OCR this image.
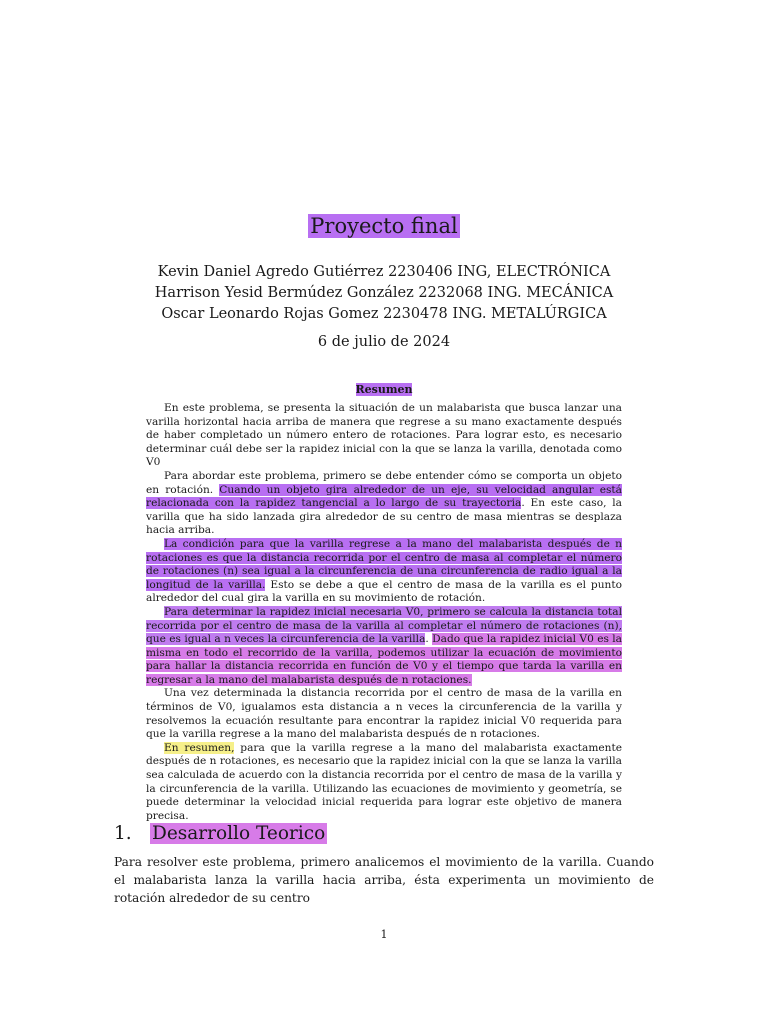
Proyecto final
Kevin Daniel Agredo Gutiérrez 2230406 ING, ELECTRÓNICA
Harrison Yesid Bermúdez González 2232068 ING. MECÁNICA
Oscar Leonardo Rojas Gomez 2230478 ING. METALÚRGICA
6 de julio de 2024
Resumen

En este problema, se presenta la situación de un malabarista que busca lanzar una varilla horizontal hacia arriba de manera que regrese a su mano exactamente después de haber completado un número entero de rotaciones. Para lograr esto, es necesario determinar cuál debe ser la rapidez inicial con la que se lanza la varilla, denotada como V0

Para abordar este problema, primero se debe entender cómo se comporta un objeto en rotación. Cuando un objeto gira alrededor de un eje, su velocidad angular está relacionada con la rapidez tangencial a lo largo de su trayectoria. En este caso, la varilla que ha sido lanzada gira alrededor de su centro de masa mientras se desplaza hacia arriba.

La condición para que la varilla regrese a la mano del malabarista después de n rotaciones es que la distancia recorrida por el centro de masa al completar el número de rotaciones (n) sea igual a la circunferencia de una circunferencia de radio igual a la longitud de la varilla. Esto se debe a que el centro de masa de la varilla es el punto alrededor del cual gira la varilla en su movimiento de rotación.

Para determinar la rapidez inicial necesaria V0, primero se calcula la distancia total recorrida por el centro de masa de la varilla al completar el número de rotaciones (n), que es igual a n veces la circunferencia de la varilla. Dado que la rapidez inicial V0 es la misma en todo el recorrido de la varilla, podemos utilizar la ecuación de movimiento para hallar la distancia recorrida en función de V0 y el tiempo que tarda la varilla en regresar a la mano del malabarista después de n rotaciones.

Una vez determinada la distancia recorrida por el centro de masa de la varilla en términos de V0, igualamos esta distancia a n veces la circunferencia de la varilla y resolvemos la ecuación resultante para encontrar la rapidez inicial V0 requerida para que la varilla regrese a la mano del malabarista después de n rotaciones.

En resumen, para que la varilla regrese a la mano del malabarista exactamente después de n rotaciones, es necesario que la rapidez inicial con la que se lanza la varilla sea calculada de acuerdo con la distancia recorrida por el centro de masa de la varilla y la circunferencia de la varilla. Utilizando las ecuaciones de movimiento y geometría, se puede determinar la velocidad inicial requerida para lograr este objetivo de manera precisa.

1. Desarrollo Teorico
Para resolver este problema, primero analicemos el movimiento de la varilla. Cuando el malabarista lanza la varilla hacia arriba, ésta experimenta un movimiento de rotación alrededor de su centro
1
